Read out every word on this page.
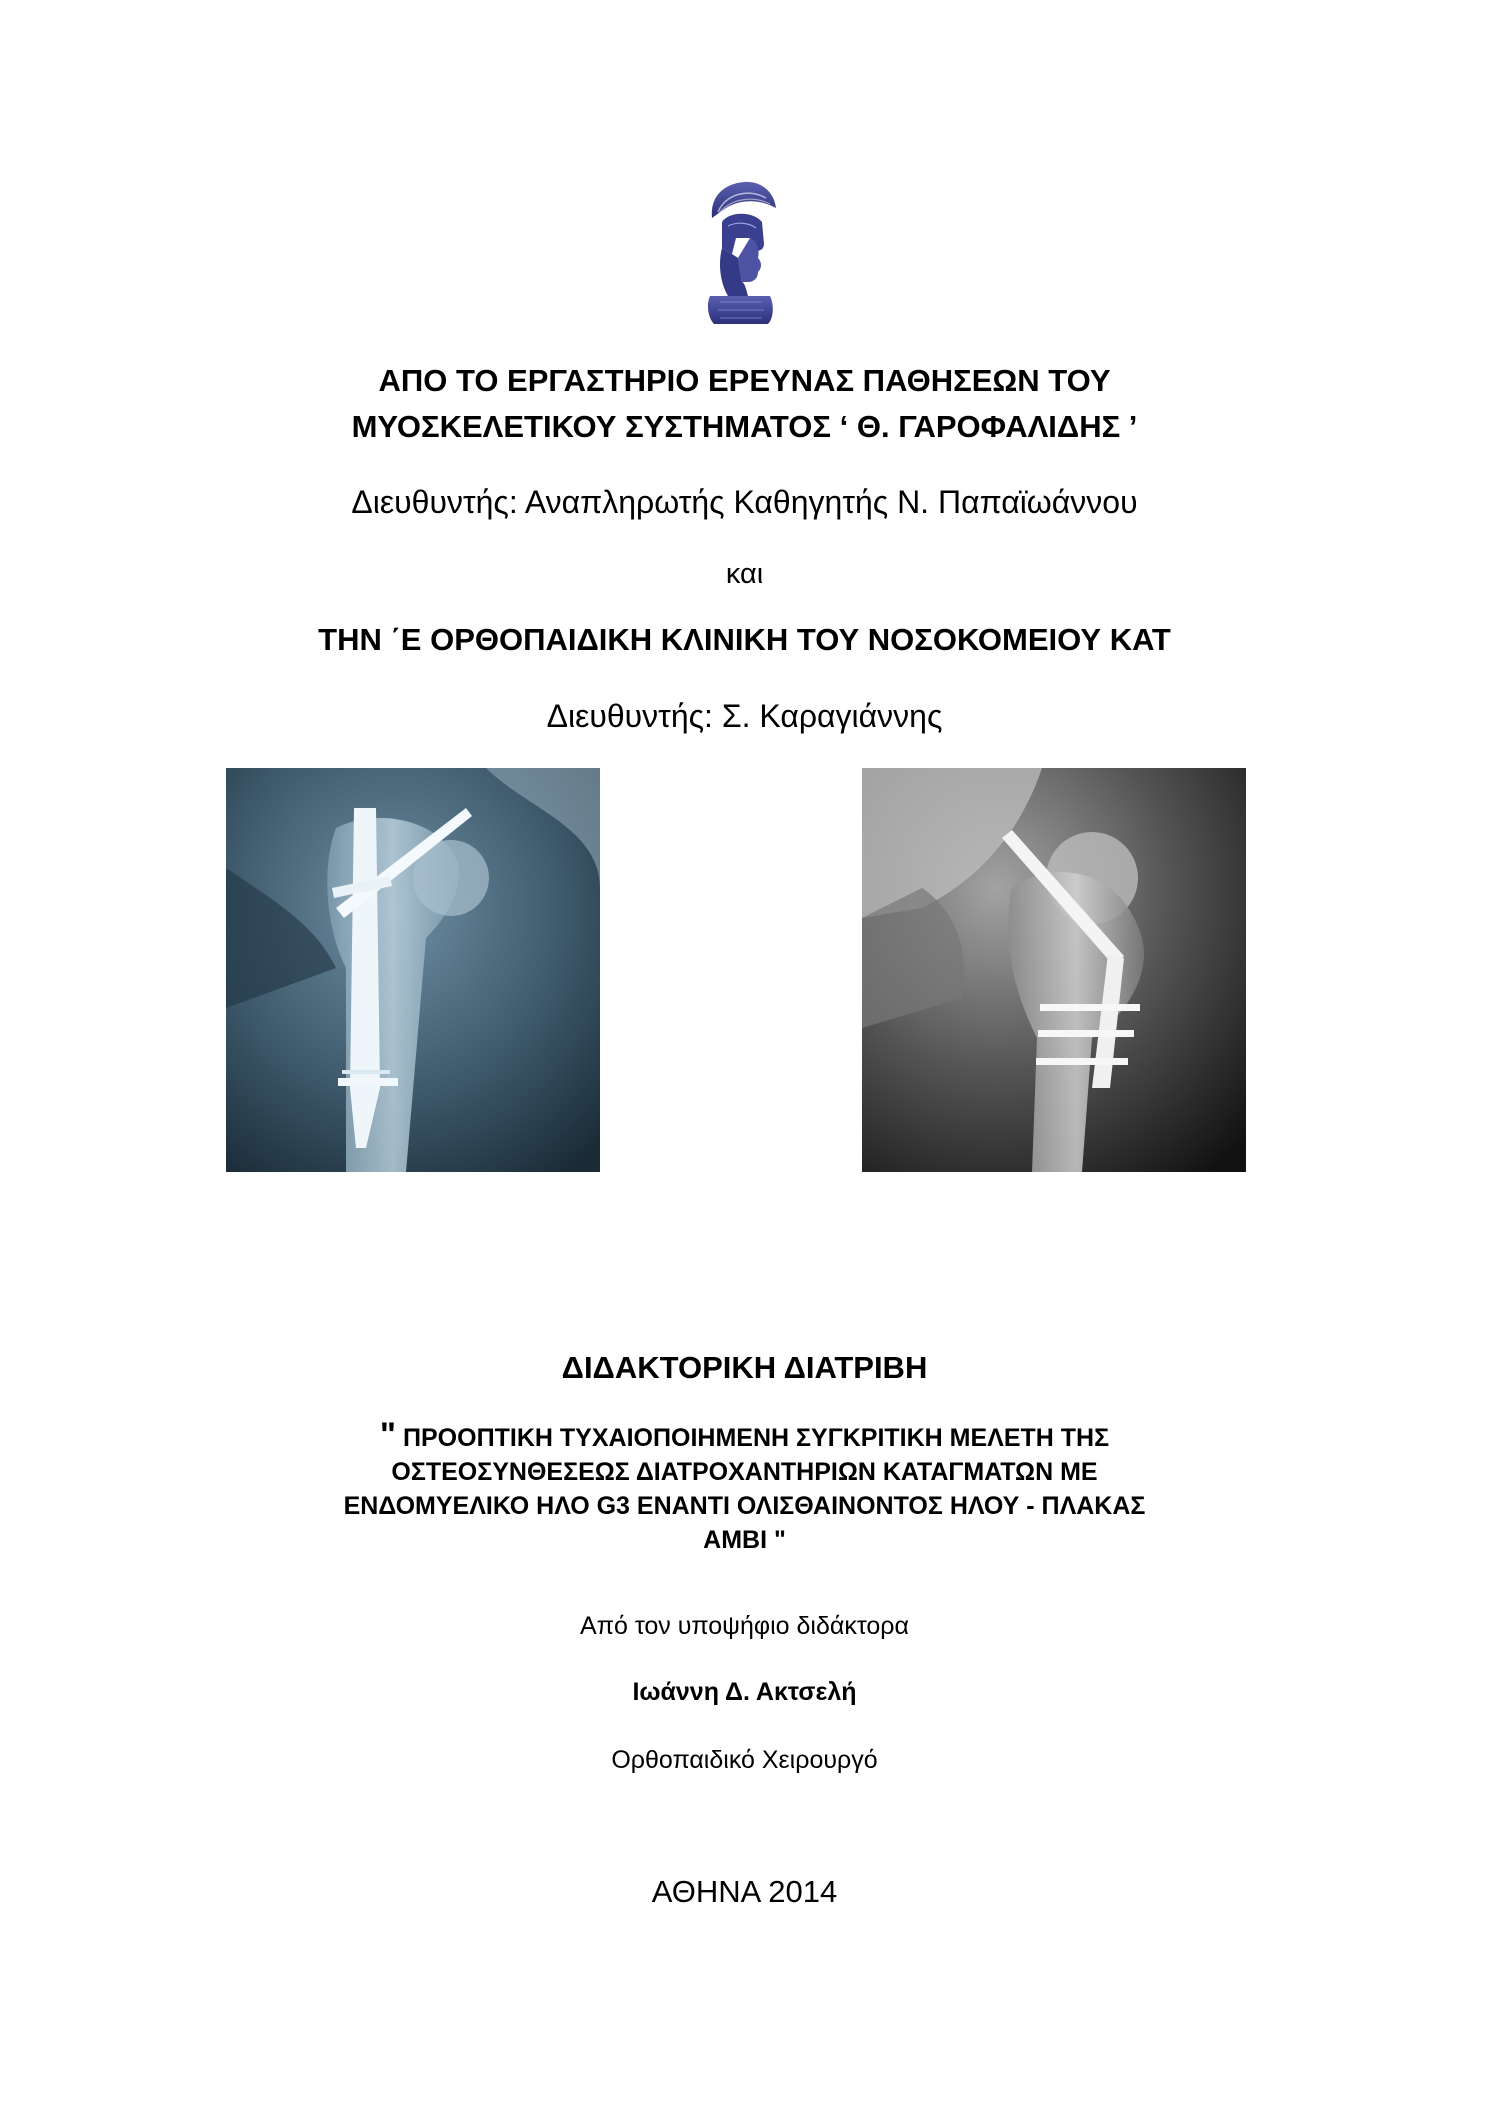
ΑΠΟ ΤΟ ΕΡΓΑΣΤΗΡΙΟ ΕΡΕΥΝΑΣ ΠΑΘΗΣΕΩΝ ΤΟΥ
ΜΥΟΣΚΕΛΕΤΙΚΟΥ ΣΥΣΤΗΜΑΤΟΣ ‘ Θ. ΓΑΡΟΦΑΛΙΔΗΣ ’
Διευθυντής: Αναπληρωτής Καθηγητής Ν. Παπαϊωάννου
και
ΤΗΝ ΄Ε ΟΡΘΟΠΑΙΔΙΚΗ ΚΛΙΝΙΚΗ ΤΟΥ ΝΟΣΟΚΟΜΕΙΟΥ ΚΑΤ
Διευθυντής: Σ. Καραγιάννης
ΔΙΔΑΚΤΟΡΙΚΗ ΔΙΑΤΡΙΒΗ
" ΠΡΟΟΠΤΙΚΗ ΤΥΧΑΙΟΠΟΙΗΜΕΝΗ ΣΥΓΚΡΙΤΙΚΗ ΜΕΛΕΤΗ ΤΗΣ
ΟΣΤΕΟΣΥΝΘΕΣΕΩΣ ΔΙΑΤΡΟΧΑΝΤΗΡΙΩΝ ΚΑΤΑΓΜΑΤΩΝ ΜΕ
ΕΝΔΟΜΥΕΛΙΚΟ ΗΛΟ G3 ΕΝΑΝΤΙ ΟΛΙΣΘΑΙΝΟΝΤΟΣ ΗΛΟΥ - ΠΛΑΚΑΣ
AMBI "
Από τον υποψήφιο διδάκτορα
Ιωάννη Δ. Ακτσελή
Ορθοπαιδικό Χειρουργό
ΑΘΗΝΑ 2014
